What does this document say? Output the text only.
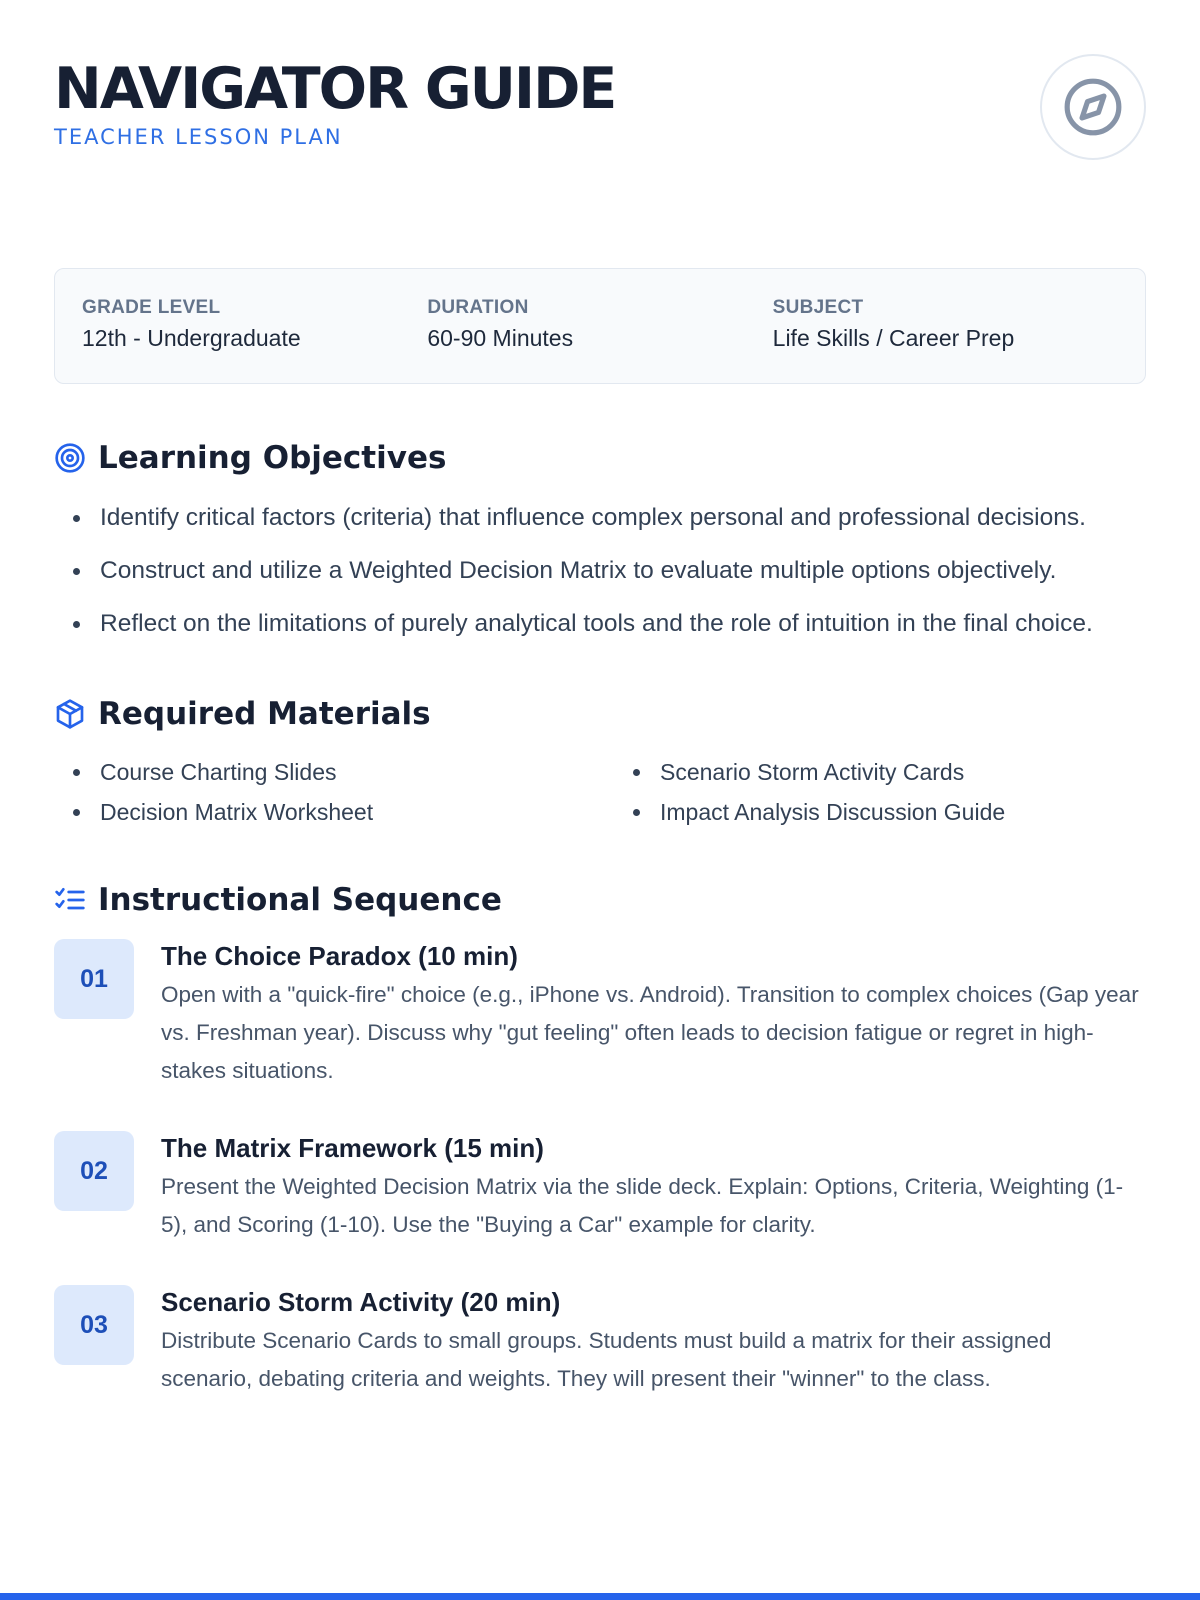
NAVIGATOR GUIDE
TEACHER LESSON PLAN
GRADE LEVEL
12th - Undergraduate
DURATION
60-90 Minutes
SUBJECT
Life Skills / Career Prep
Learning Objectives
Identify critical factors (criteria) that influence complex personal and professional decisions.
Construct and utilize a Weighted Decision Matrix to evaluate multiple options objectively.
Reflect on the limitations of purely analytical tools and the role of intuition in the final choice.
Required Materials
Course Charting Slides	Scenario Storm Activity Cards
Decision Matrix Worksheet	Impact Analysis Discussion Guide
Instructional Sequence
01
The Choice Paradox (10 min)
Open with a "quick-fire" choice (e.g., iPhone vs. Android). Transition to complex choices (Gap year vs. Freshman year). Discuss why "gut feeling" often leads to decision fatigue or regret in high-stakes situations.
02
The Matrix Framework (15 min)
Present the Weighted Decision Matrix via the slide deck. Explain: Options, Criteria, Weighting (1-5), and Scoring (1-10). Use the "Buying a Car" example for clarity.
03
Scenario Storm Activity (20 min)
Distribute Scenario Cards to small groups. Students must build a matrix for their assigned scenario, debating criteria and weights. They will present their "winner" to the class.
